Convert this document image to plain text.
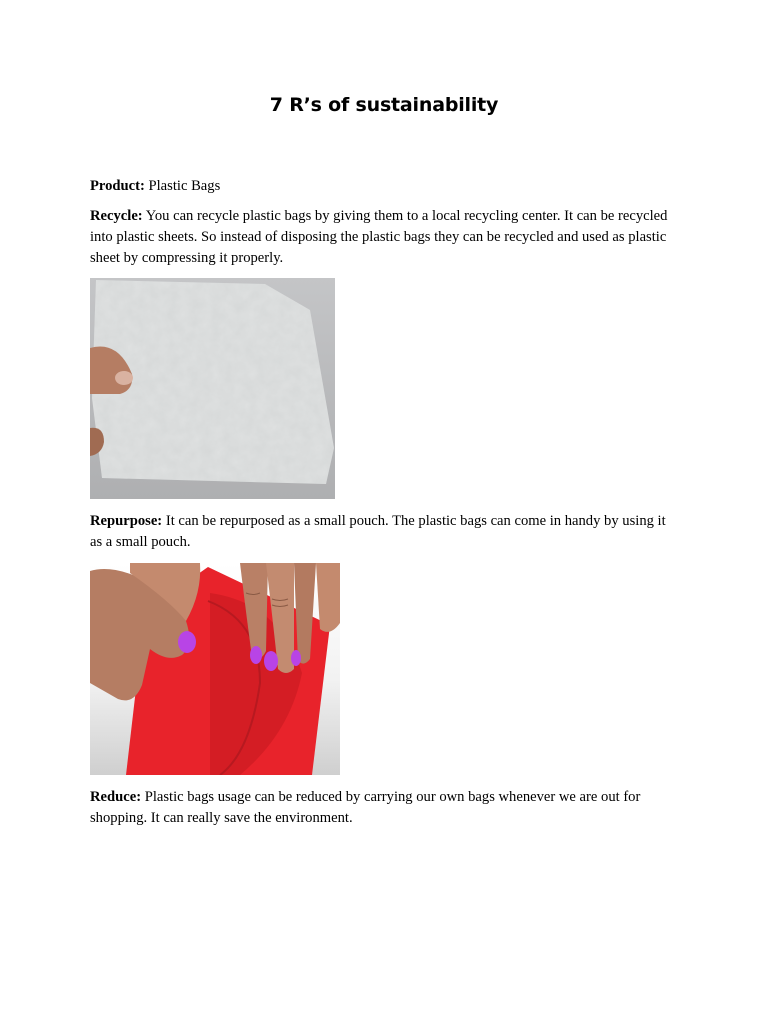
7 R’s of sustainability
Product: Plastic Bags
Recycle: You can recycle plastic bags by giving them to a local recycling center. It can be recycled into plastic sheets. So instead of disposing the plastic bags they can be recycled and used as plastic sheet by compressing it properly.
Repurpose: It can be repurposed as a small pouch. The plastic bags can come in handy by using it as a small pouch.
Reduce: Plastic bags usage can be reduced by carrying our own bags whenever we are out for shopping. It can really save the environment.
